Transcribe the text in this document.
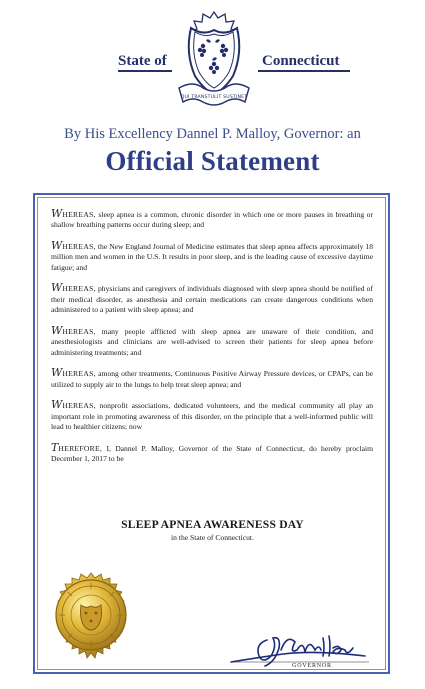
QUI TRANSTULIT SUSTINET
State of	Connecticut
By His Excellency Dannel P. Malloy, Governor: an
Official Statement

WHEREAS, sleep apnea is a common, chronic disorder in which one or more pauses in breathing or shallow breathing patterns occur during sleep; and

WHEREAS, the New England Journal of Medicine estimates that sleep apnea affects approximately 18 million men and women in the U.S. It results in poor sleep, and is the leading cause of excessive daytime fatigue; and

WHEREAS, physicians and caregivers of individuals diagnosed with sleep apnea should be notified of their medical disorder, as anesthesia and certain medications can create dangerous conditions when administered to a patient with sleep apnea; and

WHEREAS, many people afflicted with sleep apnea are unaware of their condition, and anesthesiologists and clinicians are well-advised to screen their patients for sleep apnea before administering treatments; and

WHEREAS, among other treatments, Continuous Positive Airway Pressure devices, or CPAPs, can be utilized to supply air to the lungs to help treat sleep apnea; and

WHEREAS, nonprofit associations, dedicated volunteers, and the medical community all play an important role in promoting awareness of this disorder, on the principle that a well-informed public will lead to healthier citizens; now

THEREFORE, I, Dannel P. Malloy, Governor of the State of Connecticut, do hereby proclaim December 1, 2017 to be

SLEEP APNEA AWARENESS DAY
in the State of Connecticut.
GOVERNOR
